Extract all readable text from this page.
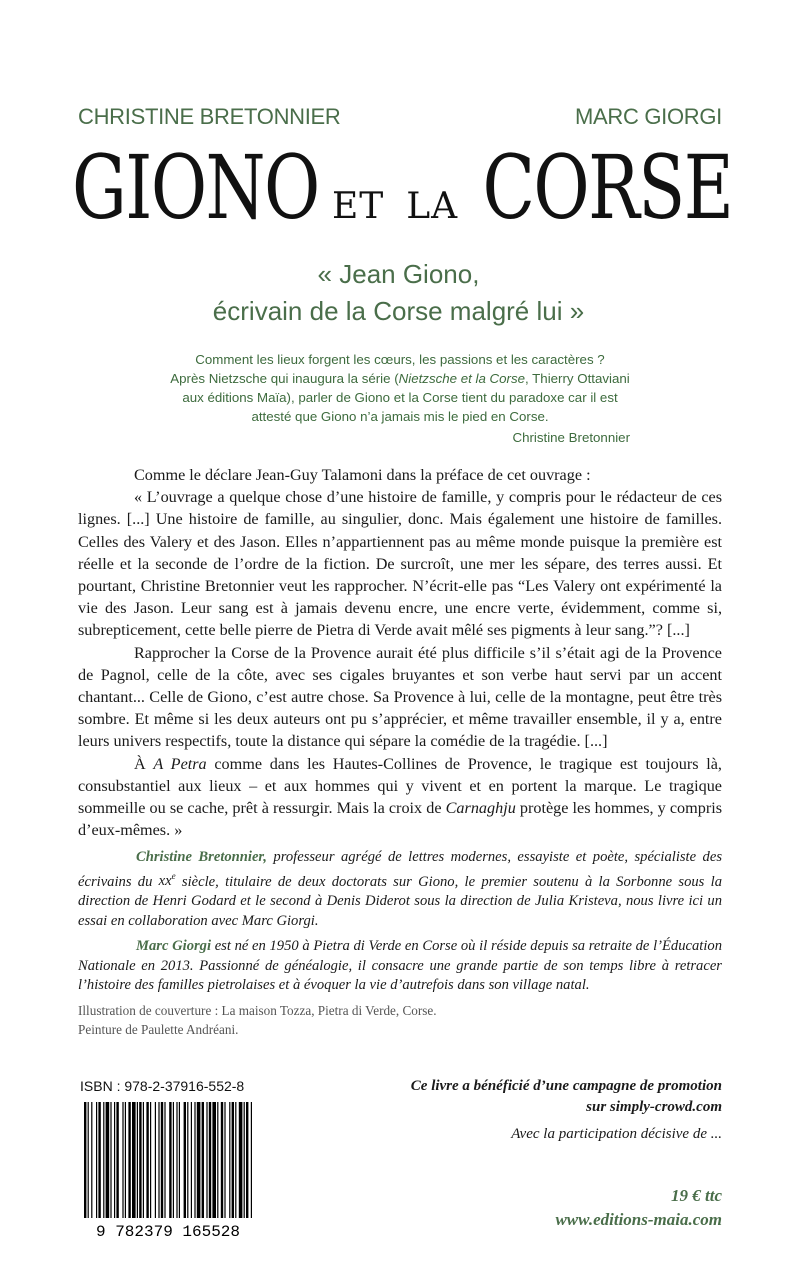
CHRISTINE BRETONNIER	MARC GIORGI
GIONO ET LA CORSE
« Jean Giono,
écrivain de la Corse malgré lui »
Comment les lieux forgent les cœurs, les passions et les caractères ?
Après Nietzsche qui inaugura la série (Nietzsche et la Corse, Thierry Ottaviani
aux éditions Maïa), parler de Giono et la Corse tient du paradoxe car il est
attesté que Giono n’a jamais mis le pied en Corse.
Christine Bretonnier

Comme le déclare Jean-Guy Talamoni dans la préface de cet ouvrage :

« L’ouvrage a quelque chose d’une histoire de famille, y compris pour le rédacteur de ces lignes. [...] Une histoire de famille, au singulier, donc. Mais également une histoire de familles. Celles des Valery et des Jason. Elles n’appartiennent pas au même monde puisque la première est réelle et la seconde de l’ordre de la fiction. De surcroît, une mer les sépare, des terres aussi. Et pourtant, Christine Bretonnier veut les rapprocher. N’écrit-elle pas “Les Valery ont expérimenté la vie des Jason. Leur sang est à jamais devenu encre, une encre verte, évidemment, comme si, subrepticement, cette belle pierre de Pietra di Verde avait mêlé ses pigments à leur sang.”? [...]

Rapprocher la Corse de la Provence aurait été plus difficile s’il s’était agi de la Provence de Pagnol, celle de la côte, avec ses cigales bruyantes et son verbe haut servi par un accent chantant... Celle de Giono, c’est autre chose. Sa Provence à lui, celle de la montagne, peut être très sombre. Et même si les deux auteurs ont pu s’apprécier, et même travailler ensemble, il y a, entre leurs univers respectifs, toute la distance qui sépare la comédie de la tragédie. [...]

À A Petra comme dans les Hautes-Collines de Provence, le tragique est toujours là, consubstantiel aux lieux – et aux hommes qui y vivent et en portent la marque. Le tragique sommeille ou se cache, prêt à ressurgir. Mais la croix de Carnaghju protège les hommes, y compris d’eux-mêmes. »

Christine Bretonnier, professeur agrégé de lettres modernes, essayiste et poète, spécialiste des écrivains du $xx^e$ siècle, titulaire de deux doctorats sur Giono, le premier soutenu à la Sorbonne sous la direction de Henri Godard et le second à Denis Diderot sous la direction de Julia Kristeva, nous livre ici un essai en collaboration avec Marc Giorgi.

Marc Giorgi est né en 1950 à Pietra di Verde en Corse où il réside depuis sa retraite de l’Éducation Nationale en 2013. Passionné de généalogie, il consacre une grande partie de son temps libre à retracer l’histoire des familles pietrolaises et à évoquer la vie d’autrefois dans son village natal.

Illustration de couverture : La maison Tozza, Pietra di Verde, Corse.
Peinture de Paulette Andréani.
ISBN : 978-2-37916-552-8
9 782379 165528
Ce livre a bénéficié d’une campagne de promotion
sur simply-crowd.com
Avec la participation décisive de ...
19 € ttc
www.editions-maia.com
